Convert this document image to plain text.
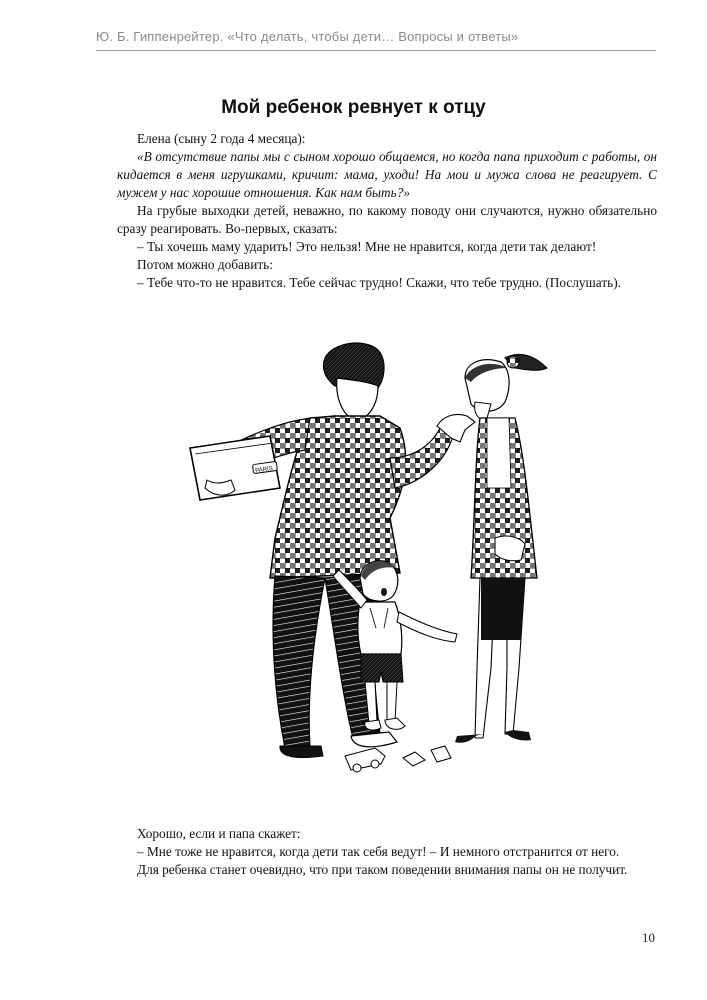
Ю. Б. Гиппенрейтер. «Что делать, чтобы дети… Вопросы и ответы»
Мой ребенок ревнует к отцу

Елена (сыну 2 года 4 месяца):

«В отсутствие папы мы с сыном хорошо общаемся, но когда папа приходит с работы, он кидается в меня игрушками, кричит: мама, уходи! На мои и мужа слова не реагирует. С мужем у нас хорошие отношения. Как нам быть?»

На грубые выходки детей, неважно, по какому поводу они случаются, нужно обязательно сразу реагировать. Во-первых, сказать:

– Ты хочешь маму ударить! Это нельзя! Мне не нравится, когда дети так делают!

Потом можно добавить:

– Тебе что-то не нравится. Тебе сейчас трудно! Скажи, что тебе трудно. (Послушать).

PARIS

Хорошо, если и папа скажет:

– Мне тоже не нравится, когда дети так себя ведут! – И немного отстранится от него.

Для ребенка станет очевидно, что при таком поведении внимания папы он не получит.

10
